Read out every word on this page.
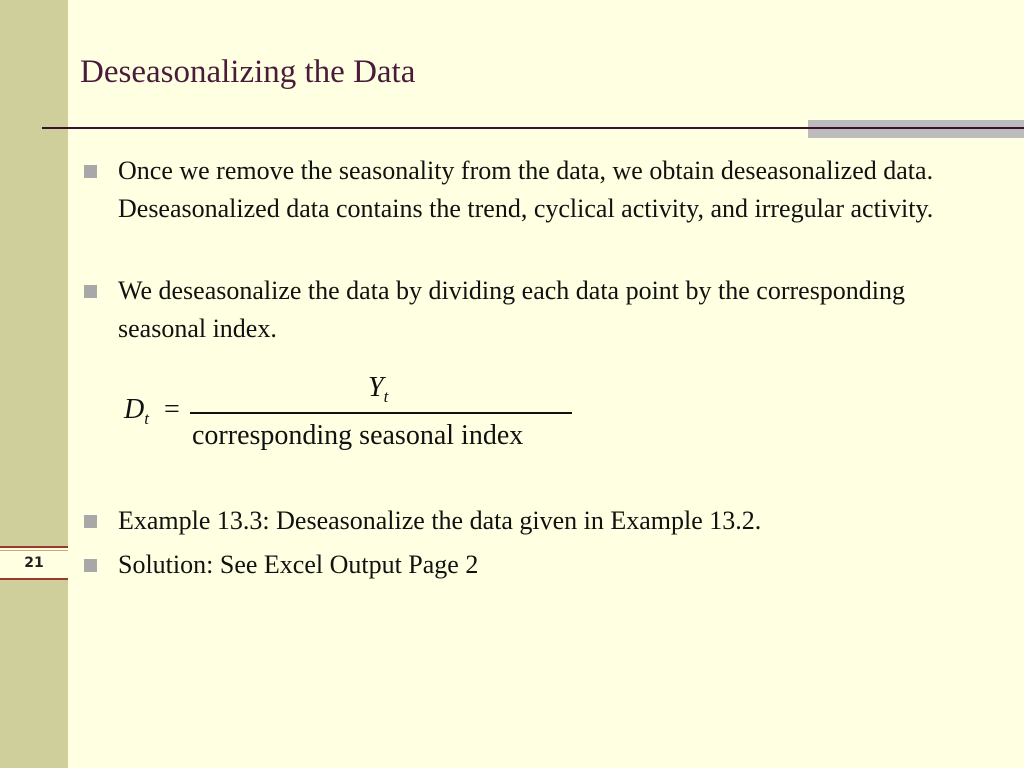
Deseasonalizing the Data
Once we remove the seasonality from the data, we obtain deseasonalized data. Deseasonalized data contains the trend, cyclical activity, and irregular activity.
We deseasonalize the data by dividing each data point by the corresponding seasonal index.
$D_t$ =
$Y_t$
corresponding seasonal index
Example 13.3: Deseasonalize the data given in Example 13.2.
Solution: See Excel Output Page 2
21
